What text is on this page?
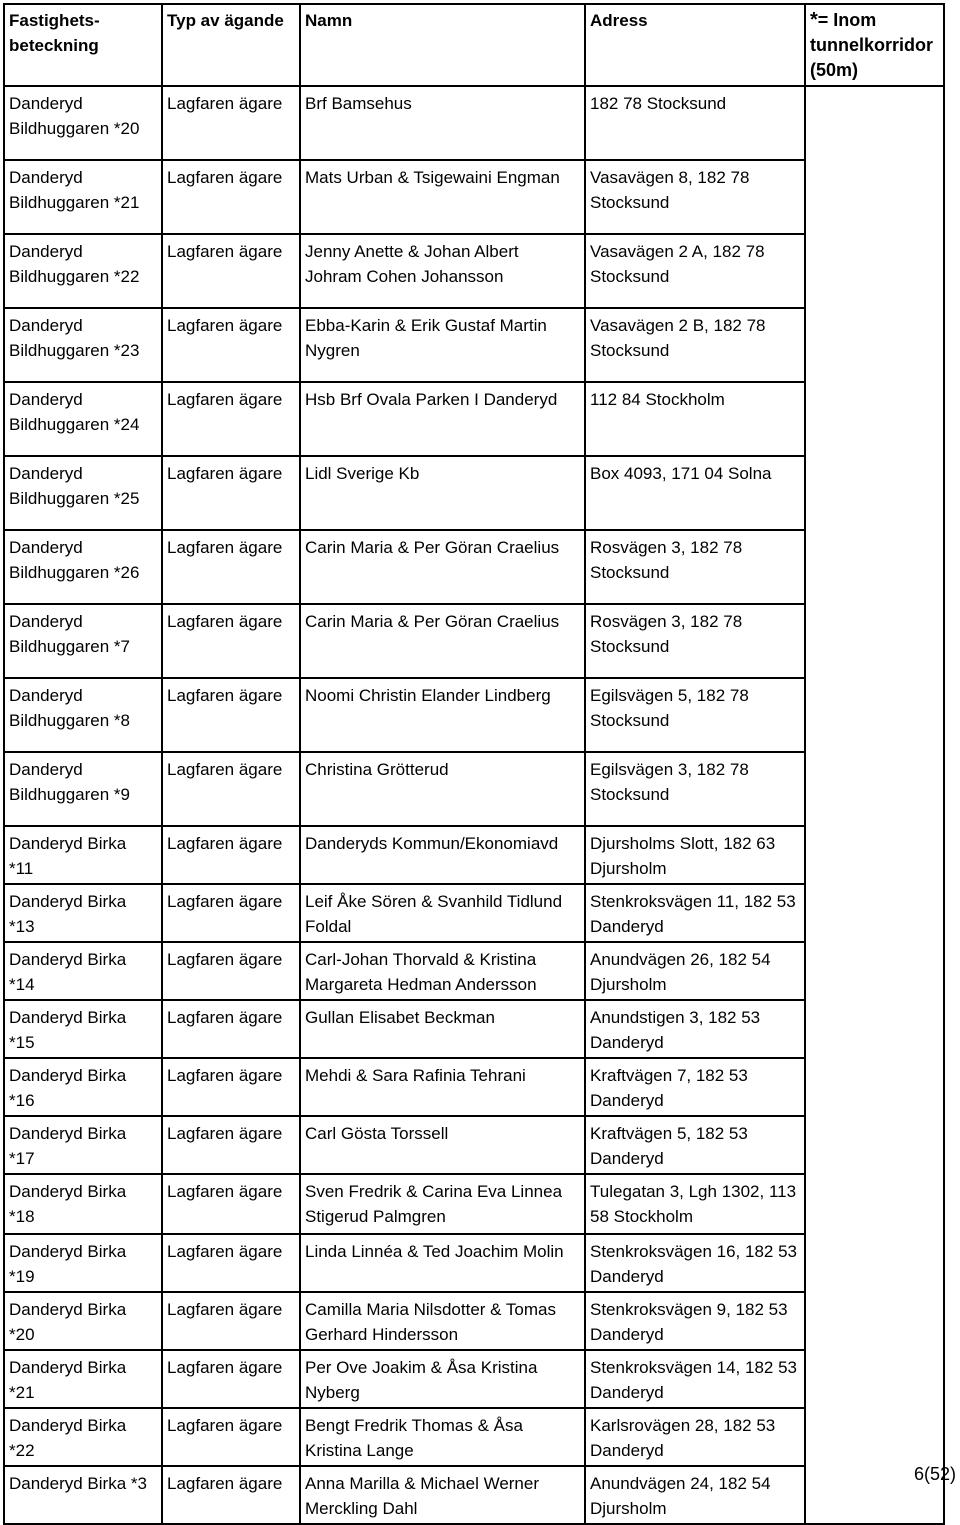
Fastighets-
beteckning	Typ av ägande	Namn	Adress	*= Inom
tunnelkorridor
(50m)
Danderyd
Bildhuggaren *20	Lagfaren ägare	Brf Bamsehus	182 78 Stocksund	
Danderyd
Bildhuggaren *21	Lagfaren ägare	Mats Urban & Tsigewaini Engman	Vasavägen 8, 182 78
Stocksund	
Danderyd
Bildhuggaren *22	Lagfaren ägare	Jenny Anette & Johan Albert
Johram Cohen Johansson	Vasavägen 2 A, 182 78
Stocksund	
Danderyd
Bildhuggaren *23	Lagfaren ägare	Ebba-Karin & Erik Gustaf Martin
Nygren	Vasavägen 2 B, 182 78
Stocksund	
Danderyd
Bildhuggaren *24	Lagfaren ägare	Hsb Brf Ovala Parken I Danderyd	112 84 Stockholm	
Danderyd
Bildhuggaren *25	Lagfaren ägare	Lidl Sverige Kb	Box 4093, 171 04 Solna	
Danderyd
Bildhuggaren *26	Lagfaren ägare	Carin Maria & Per Göran Craelius	Rosvägen 3, 182 78
Stocksund	
Danderyd
Bildhuggaren *7	Lagfaren ägare	Carin Maria & Per Göran Craelius	Rosvägen 3, 182 78
Stocksund	
Danderyd
Bildhuggaren *8	Lagfaren ägare	Noomi Christin Elander Lindberg	Egilsvägen 5, 182 78
Stocksund	
Danderyd
Bildhuggaren *9	Lagfaren ägare	Christina Grötterud	Egilsvägen 3, 182 78
Stocksund	
Danderyd Birka
*11	Lagfaren ägare	Danderyds Kommun/Ekonomiavd	Djursholms Slott, 182 63
Djursholm	
Danderyd Birka
*13	Lagfaren ägare	Leif Åke Sören & Svanhild Tidlund
Foldal	Stenkroksvägen 11, 182 53
Danderyd	
Danderyd Birka
*14	Lagfaren ägare	Carl-Johan Thorvald & Kristina
Margareta Hedman Andersson	Anundvägen 26, 182 54
Djursholm	
Danderyd Birka
*15	Lagfaren ägare	Gullan Elisabet Beckman	Anundstigen 3, 182 53
Danderyd	
Danderyd Birka
*16	Lagfaren ägare	Mehdi & Sara Rafinia Tehrani	Kraftvägen 7, 182 53
Danderyd	
Danderyd Birka
*17	Lagfaren ägare	Carl Gösta Torssell	Kraftvägen 5, 182 53
Danderyd	
Danderyd Birka
*18	Lagfaren ägare	Sven Fredrik & Carina Eva Linnea
Stigerud Palmgren	Tulegatan 3, Lgh 1302, 113
58 Stockholm	
Danderyd Birka
*19	Lagfaren ägare	Linda Linnéa & Ted Joachim Molin	Stenkroksvägen 16, 182 53
Danderyd	
Danderyd Birka
*20	Lagfaren ägare	Camilla Maria Nilsdotter & Tomas
Gerhard Hindersson	Stenkroksvägen 9, 182 53
Danderyd	
Danderyd Birka
*21	Lagfaren ägare	Per Ove Joakim & Åsa Kristina
Nyberg	Stenkroksvägen 14, 182 53
Danderyd	
Danderyd Birka
*22	Lagfaren ägare	Bengt Fredrik Thomas & Åsa
Kristina Lange	Karlsrovägen 28, 182 53
Danderyd	
Danderyd Birka *3	Lagfaren ägare	Anna Marilla & Michael Werner
Merckling Dahl	Anundvägen 24, 182 54
Djursholm	
6(52)
